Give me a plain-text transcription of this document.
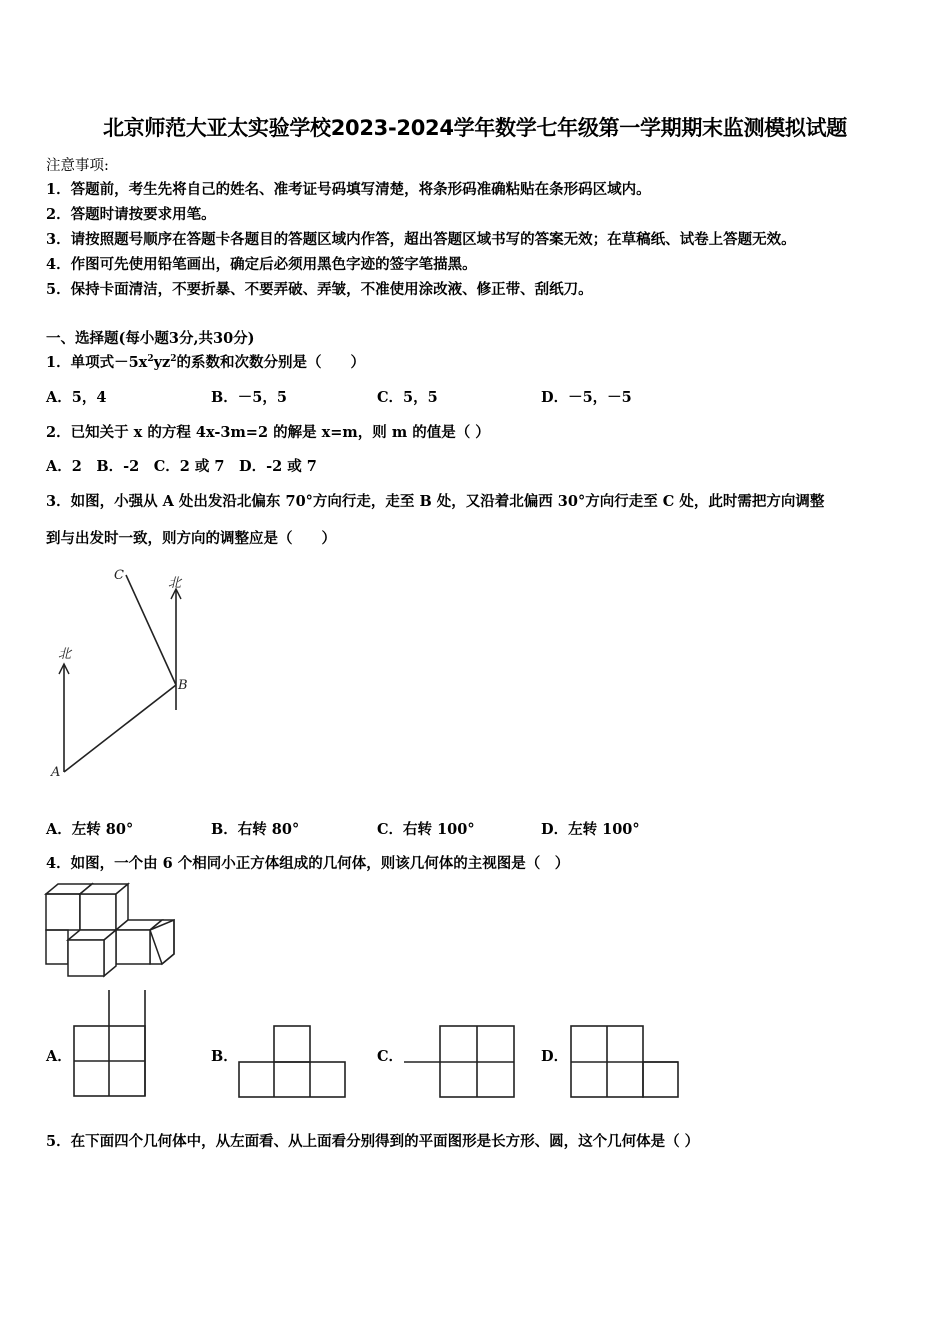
北京师范大亚太实验学校2023-2024学年数学七年级第一学期期末监测模拟试题
注意事项:
1．答题前，考生先将自己的姓名、准考证号码填写清楚，将条形码准确粘贴在条形码区域内。
2．答题时请按要求用笔。
3．请按照题号顺序在答题卡各题目的答题区域内作答，超出答题区域书写的答案无效；在草稿纸、试卷上答题无效。
4．作图可先使用铅笔画出，确定后必须用黑色字迹的签字笔描黑。
5．保持卡面清洁，不要折暴、不要弄破、弄皱，不准使用涂改液、修正带、刮纸刀。
一、选择题(每小题3分,共30分)
1．单项式$-5x^2yz^2$的系数和次数分别是（　　）
A．5，4	B．－5，5	C．5，5	D．－5，－5
2．已知关于 x 的方程 4x-3m=2 的解是 x=m，则 m 的值是（ ）
A．2　B．-2　C．2 或 7　D．-2 或 7
3．如图，小强从 A 处出发沿北偏东 70°方向行走，走至 B 处，又沿着北偏西 30°方向行走至 C 处，此时需把方向调整
到与出发时一致，则方向的调整应是（　　）
北
北
A
B
C
A．左转 80°	B．右转 80°	C．右转 100°	D．左转 100°
4．如图，一个由 6 个相同小正方体组成的几何体，则该几何体的主视图是（　）
A．	B．	C．	D．
5．在下面四个几何体中，从左面看、从上面看分别得到的平面图形是长方形、圆，这个几何体是（ ）
